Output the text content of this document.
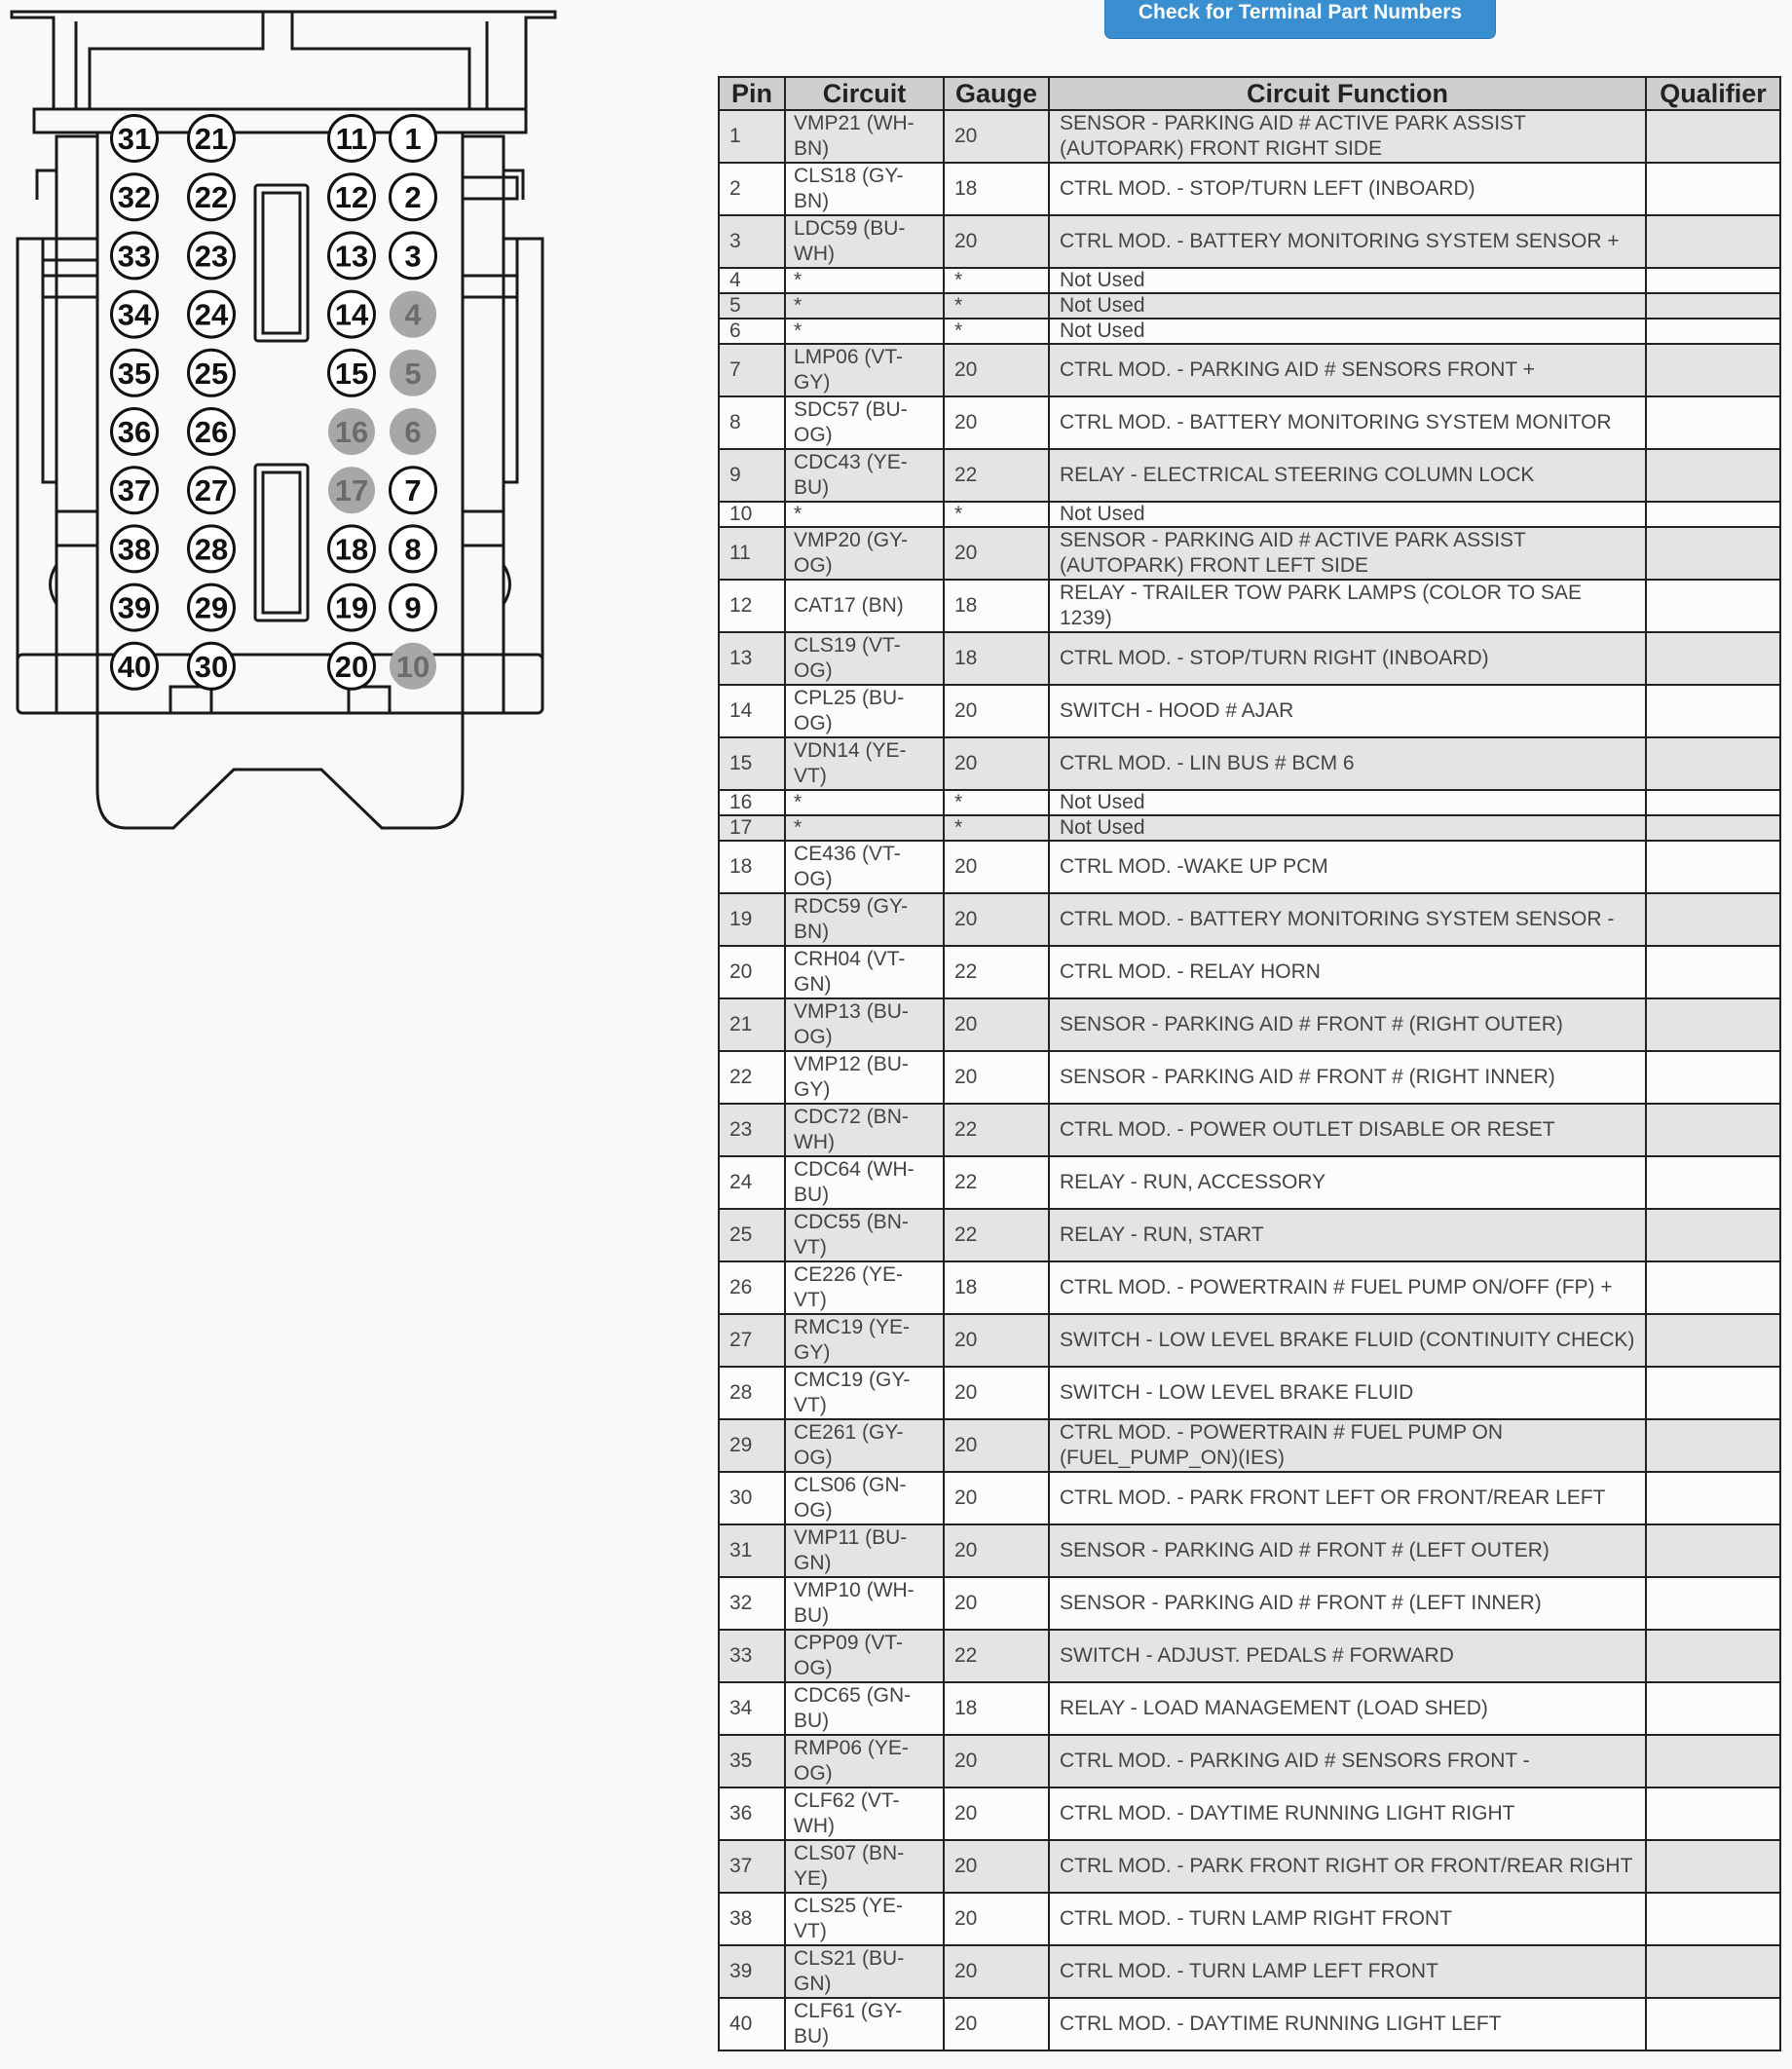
31 21	11 1
32 22	12 2
33 23	13 3
34 24	14 4
35 25	15 5
36 26	16 6
37 27	17 7
38 28	18 8
39 29	19 9
40 30	20 10
Check for Terminal Part Numbers
Pin	Circuit	Gauge	Circuit Function	Qualifier
1	VMP21 (WH-BN)	20	SENSOR - PARKING AID # ACTIVE PARK ASSIST (AUTOPARK) FRONT RIGHT SIDE	
2	CLS18 (GY-BN)	18	CTRL MOD. - STOP/TURN LEFT (INBOARD)	
3	LDC59 (BU-WH)	20	CTRL MOD. - BATTERY MONITORING SYSTEM SENSOR +	
4	*	*	Not Used	
5	*	*	Not Used	
6	*	*	Not Used	
7	LMP06 (VT-GY)	20	CTRL MOD. - PARKING AID # SENSORS FRONT +	
8	SDC57 (BU-OG)	20	CTRL MOD. - BATTERY MONITORING SYSTEM MONITOR	
9	CDC43 (YE-BU)	22	RELAY - ELECTRICAL STEERING COLUMN LOCK	
10	*	*	Not Used	
11	VMP20 (GY-OG)	20	SENSOR - PARKING AID # ACTIVE PARK ASSIST (AUTOPARK) FRONT LEFT SIDE	
12	CAT17 (BN)	18	RELAY - TRAILER TOW PARK LAMPS (COLOR TO SAE 1239)	
13	CLS19 (VT-OG)	18	CTRL MOD. - STOP/TURN RIGHT (INBOARD)	
14	CPL25 (BU-OG)	20	SWITCH - HOOD # AJAR	
15	VDN14 (YE-VT)	20	CTRL MOD. - LIN BUS # BCM 6	
16	*	*	Not Used	
17	*	*	Not Used	
18	CE436 (VT-OG)	20	CTRL MOD. -WAKE UP PCM	
19	RDC59 (GY-BN)	20	CTRL MOD. - BATTERY MONITORING SYSTEM SENSOR -	
20	CRH04 (VT-GN)	22	CTRL MOD. - RELAY HORN	
21	VMP13 (BU-OG)	20	SENSOR - PARKING AID # FRONT # (RIGHT OUTER)	
22	VMP12 (BU-GY)	20	SENSOR - PARKING AID # FRONT # (RIGHT INNER)	
23	CDC72 (BN-WH)	22	CTRL MOD. - POWER OUTLET DISABLE OR RESET	
24	CDC64 (WH-BU)	22	RELAY - RUN, ACCESSORY	
25	CDC55 (BN-VT)	22	RELAY - RUN, START	
26	CE226 (YE-VT)	18	CTRL MOD. - POWERTRAIN # FUEL PUMP ON/OFF (FP) +	
27	RMC19 (YE-GY)	20	SWITCH - LOW LEVEL BRAKE FLUID (CONTINUITY CHECK)	
28	CMC19 (GY-VT)	20	SWITCH - LOW LEVEL BRAKE FLUID	
29	CE261 (GY-OG)	20	CTRL MOD. - POWERTRAIN # FUEL PUMP ON (FUEL_PUMP_ON)(IES)	
30	CLS06 (GN-OG)	20	CTRL MOD. - PARK FRONT LEFT OR FRONT/REAR LEFT	
31	VMP11 (BU-GN)	20	SENSOR - PARKING AID # FRONT # (LEFT OUTER)	
32	VMP10 (WH-BU)	20	SENSOR - PARKING AID # FRONT # (LEFT INNER)	
33	CPP09 (VT-OG)	22	SWITCH - ADJUST. PEDALS # FORWARD	
34	CDC65 (GN-BU)	18	RELAY - LOAD MANAGEMENT (LOAD SHED)	
35	RMP06 (YE-OG)	20	CTRL MOD. - PARKING AID # SENSORS FRONT -	
36	CLF62 (VT-WH)	20	CTRL MOD. - DAYTIME RUNNING LIGHT RIGHT	
37	CLS07 (BN-YE)	20	CTRL MOD. - PARK FRONT RIGHT OR FRONT/REAR RIGHT	
38	CLS25 (YE-VT)	20	CTRL MOD. - TURN LAMP RIGHT FRONT	
39	CLS21 (BU-GN)	20	CTRL MOD. - TURN LAMP LEFT FRONT	
40	CLF61 (GY-BU)	20	CTRL MOD. - DAYTIME RUNNING LIGHT LEFT	
